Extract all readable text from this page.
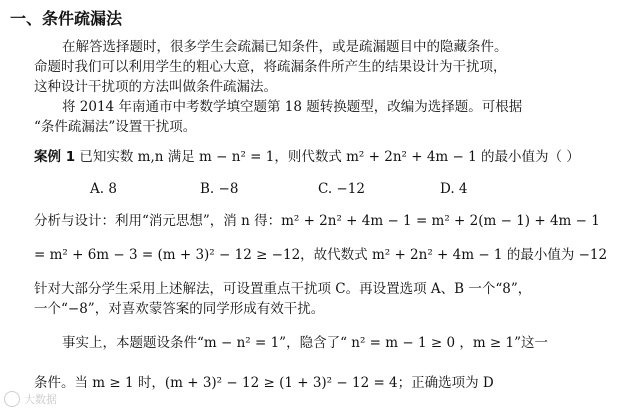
一、条件疏漏法
在解答选择题时，很多学生会疏漏已知条件，或是疏漏题目中的隐藏条件。
命题时我们可以利用学生的粗心大意，将疏漏条件所产生的结果设计为干扰项，
这种设计干扰项的方法叫做条件疏漏法。
将 2014 年南通市中考数学填空题第 18 题转换题型，改编为选择题。可根据
“条件疏漏法”设置干扰项。
案例 1 已知实数 m,n 满足 m − n² = 1，则代数式 m² + 2n² + 4m − 1 的最小值为（ ）
A. 8	B. −8	C. −12	D. 4
分析与设计：利用“消元思想”，消 n 得：m² + 2n² + 4m − 1 = m² + 2(m − 1) + 4m − 1
= m² + 6m − 3 = (m + 3)² − 12 ≥ −12，故代数式 m² + 2n² + 4m − 1 的最小值为 −12
针对大部分学生采用上述解法，可设置重点干扰项 C。再设置选项 A、B 一个“8”，
一个“−8”，对喜欢蒙答案的同学形成有效干扰。
事实上，本题题设条件“m − n² = 1”，隐含了“ n² = m − 1 ≥ 0 ，m ≥ 1”这一
条件。当 m ≥ 1 时，(m + 3)² − 12 ≥ (1 + 3)² − 12 = 4；正确选项为 D
大数据
